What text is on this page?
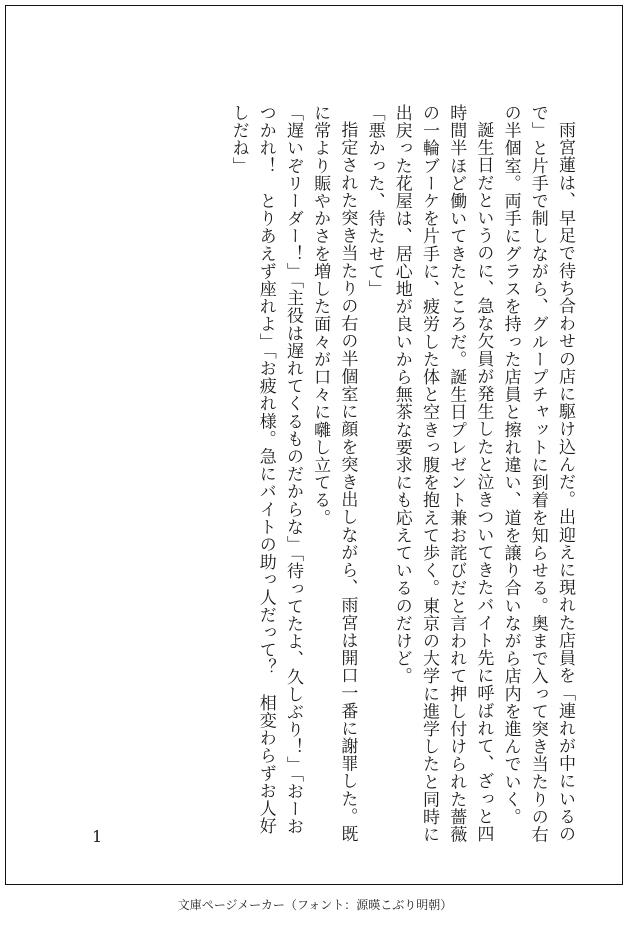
雨宮蓮は、早足で待ち合わせの店に駆け込んだ。出迎えに現れた店員を「連れが中にいるので」と片手で制しながら、グループチャットに到着を知らせる。奥まで入って突き当たりの右の半個室。両手にグラスを持った店員と擦れ違い、道を譲り合いながら店内を進んでいく。

誕生日だというのに、急な欠員が発生したと泣きついてきたバイト先に呼ばれて、ざっと四時間半ほど働いてきたところだ。誕生日プレゼント兼お詫びだと言われて押し付けられた薔薇の一輪ブーケを片手に、疲労した体と空きっ腹を抱えて歩く。東京の大学に進学したと同時に出戻った花屋は、居心地が良いから無茶な要求にも応えているのだけど。

「悪かった、待たせて」

指定された突き当たりの右の半個室に顔を突き出しながら、雨宮は開口一番に謝罪した。既に常より賑やかさを増した面々が口々に囃し立てる。

「遅いぞリーダー！」「主役は遅れてくるものだからな」「待ってたよ、久しぶり！」「おーおつかれ！　とりあえず座れよ」「お疲れ様。急にバイトの助っ人だって？　相変わらずお人好しだね」

1
文庫ページメーカー（フォント：源暎こぶり明朝）
